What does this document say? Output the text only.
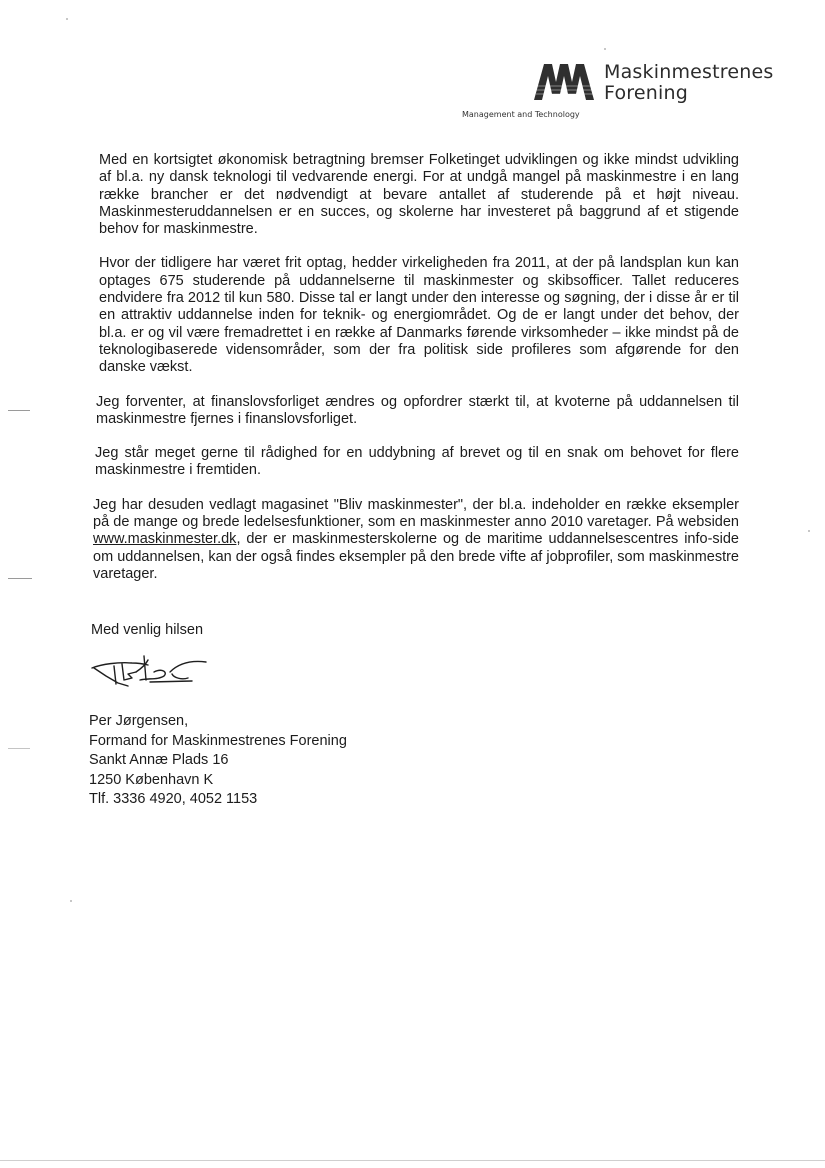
Maskinmestrenes
Forening
Management and Technology

Med en kortsigtet økonomisk betragtning bremser Folketinget udviklingen og ikke mindst udvikling af bl.a. ny dansk teknologi til vedvarende energi. For at undgå mangel på maskinmestre i en lang række brancher er det nødvendigt at bevare antallet af studerende på et højt niveau. Maskinmesteruddannelsen er en succes, og skolerne har investeret på baggrund af et stigende behov for maskinmestre.

Hvor der tidligere har været frit optag, hedder virkeligheden fra 2011, at der på landsplan kun kan optages 675 studerende på uddannelserne til maskinmester og skibsofficer. Tallet reduceres endvidere fra 2012 til kun 580. Disse tal er langt under den interesse og søgning, der i disse år er til en attraktiv uddannelse inden for teknik- og energiområdet. Og de er langt under det behov, der bl.a. er og vil være fremadrettet i en række af Danmarks førende virksomheder – ikke mindst på de teknologibaserede vidensområder, som der fra politisk side profileres som afgørende for den danske vækst.

Jeg forventer, at finanslovsforliget ændres og opfordrer stærkt til, at kvoterne på uddannelsen til maskinmestre fjernes i finanslovsforliget.

Jeg står meget gerne til rådighed for en uddybning af brevet og til en snak om behovet for flere maskinmestre i fremtiden.

Jeg har desuden vedlagt magasinet "Bliv maskinmester", der bl.a. indeholder en række eksempler på de mange og brede ledelsesfunktioner, som en maskinmester anno 2010 varetager. På websiden www.maskinmester.dk, der er maskinmesterskolerne og de maritime uddannelsescentres info-side om uddannelsen, kan der også findes eksempler på den brede vifte af jobprofiler, som maskinmestre varetager.

Med venlig hilsen
Per Jørgensen,
Formand for Maskinmestrenes Forening
Sankt Annæ Plads 16
1250 København K
Tlf. 3336 4920, 4052 1153
